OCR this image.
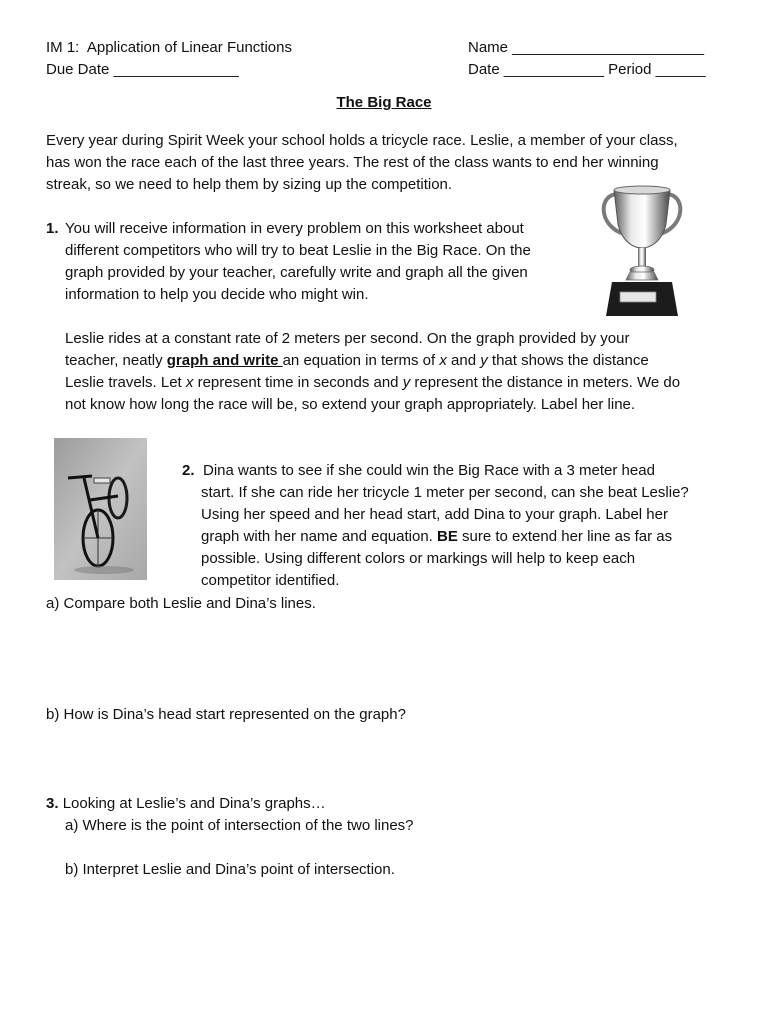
IM 1:  Application of Linear Functions
Due Date _______________
Name _______________________
Date ____________ Period ______
The Big Race
Every year during Spirit Week your school holds a tricycle race. Leslie, a member of your class,
has won the race each of the last three years. The rest of the class wants to end her winning
streak, so we need to help them by sizing up the competition.
1. You will receive information in every problem on this worksheet about
different competitors who will try to beat Leslie in the Big Race. On the
graph provided by your teacher, carefully write and graph all the given
information to help you decide who might win.
Leslie rides at a constant rate of 2 meters per second. On the graph provided by your
teacher, neatly graph and write an equation in terms of x and y that shows the distance
Leslie travels. Let x represent time in seconds and y represent the distance in meters. We do
not know how long the race will be, so extend your graph appropriately. Label her line.
2. Dina wants to see if she could win the Big Race with a 3 meter head
start. If she can ride her tricycle 1 meter per second, can she beat Leslie?
Using her speed and her head start, add Dina to your graph. Label her
graph with her name and equation. BE sure to extend her line as far as
possible. Using different colors or markings will help to keep each
competitor identified.
a) Compare both Leslie and Dina’s lines.
b) How is Dina’s head start represented on the graph?
3. Looking at Leslie’s and Dina’s graphs…
a) Where is the point of intersection of the two lines?
b) Interpret Leslie and Dina’s point of intersection.
